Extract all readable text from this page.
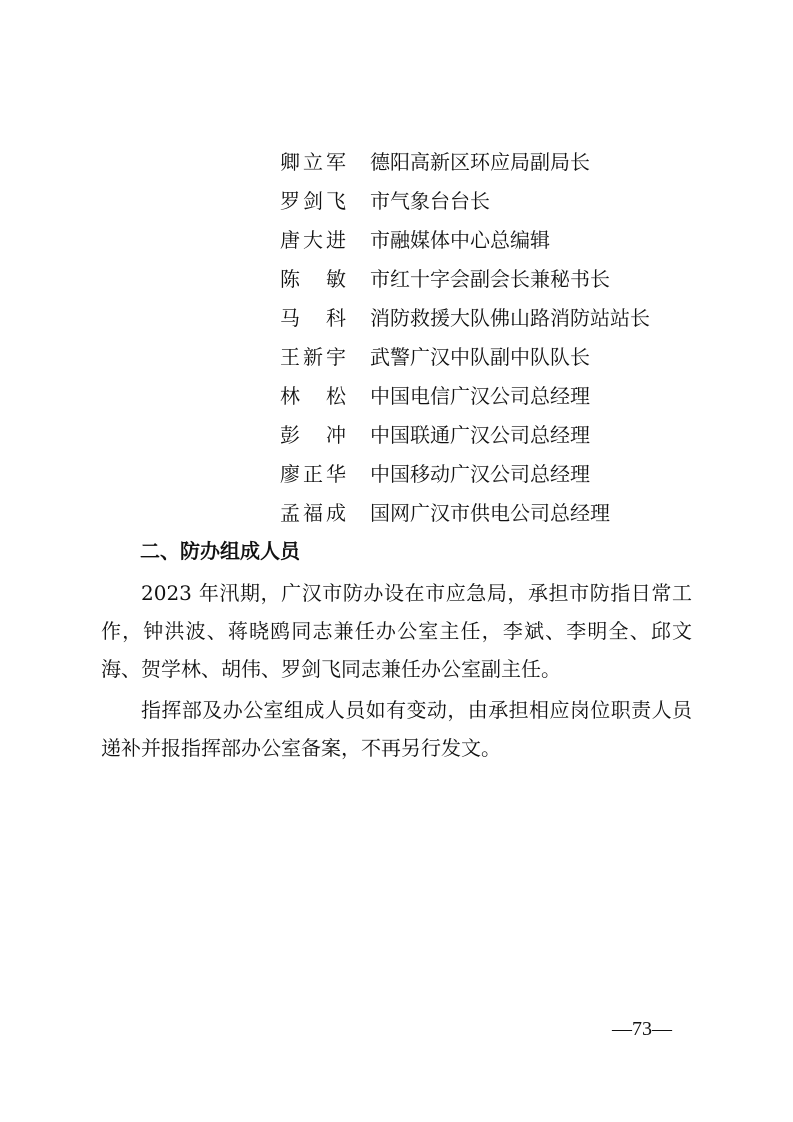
卿立军 德阳高新区环应局副局长
罗剑飞 市气象台台长
唐大进 市融媒体中心总编辑
陈敏 市红十字会副会长兼秘书长
马科 消防救援大队佛山路消防站站长
王新宇 武警广汉中队副中队队长
林松 中国电信广汉公司总经理
彭冲 中国联通广汉公司总经理
廖正华 中国移动广汉公司总经理
孟福成 国网广汉市供电公司总经理
二、防办组成人员

2023 年汛期，广汉市防办设在市应急局，承担市防指日常工作，钟洪波、蒋晓鸥同志兼任办公室主任，李斌、李明全、邱文海、贺学林、胡伟、罗剑飞同志兼任办公室副主任。

指挥部及办公室组成人员如有变动，由承担相应岗位职责人员递补并报指挥部办公室备案，不再另行发文。

—73—
